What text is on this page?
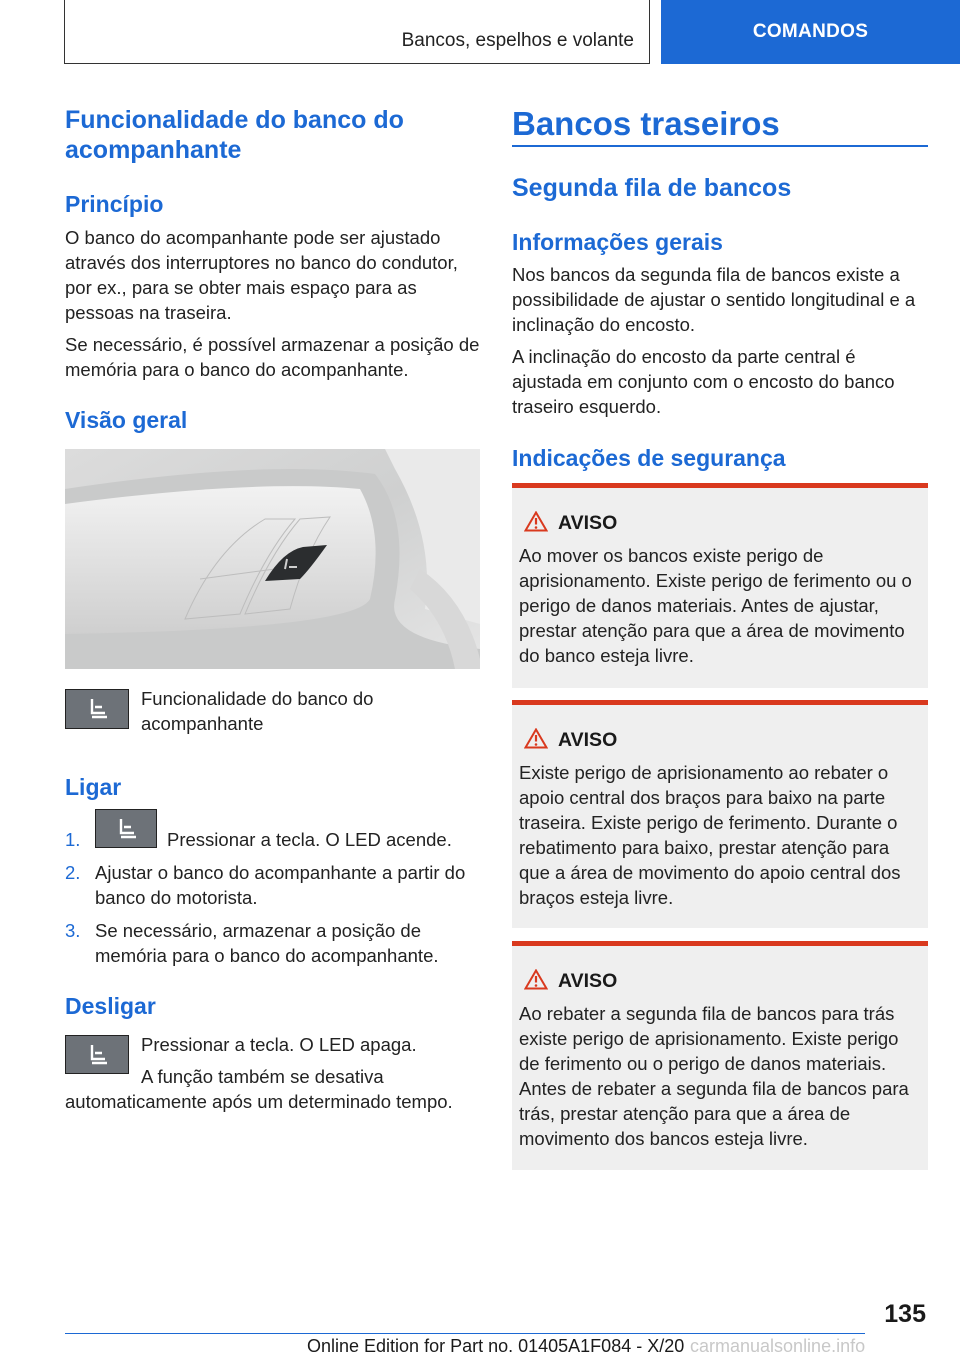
Bancos, espelhos e volante	COMANDOS
Funcionalidade do banco do acompanhante
Princípio
O banco do acompanhante pode ser ajustado através dos interruptores no banco do condutor, por ex., para se obter mais espaço para as pessoas na traseira.
Se necessário, é possível armazenar a posição de memória para o banco do acompanhante.
Visão geral
Funcionalidade do banco do acompanhante
Ligar
1.	Pressionar a tecla. O LED acende.
2. Ajustar o banco do acompanhante a partir do banco do motorista.
3. Se necessário, armazenar a posição de memória para o banco do acompanhante.
Desligar
Pressionar a tecla. O LED apaga.
A função também se desativa automaticamente após um determinado tempo.
Bancos traseiros
Segunda fila de bancos
Informações gerais
Nos bancos da segunda fila de bancos existe a possibilidade de ajustar o sentido longitudinal e a inclinação do encosto.
A inclinação do encosto da parte central é ajustada em conjunto com o encosto do banco traseiro esquerdo.
Indicações de segurança
AVISO
Ao mover os bancos existe perigo de aprisionamento. Existe perigo de ferimento ou o perigo de danos materiais. Antes de ajustar, prestar atenção para que a área de movimento do banco esteja livre.
AVISO
Existe perigo de aprisionamento ao rebater o apoio central dos braços para baixo na parte traseira. Existe perigo de ferimento. Durante o rebatimento para baixo, prestar atenção para que a área de movimento do apoio central dos braços esteja livre.
AVISO
Ao rebater a segunda fila de bancos para trás existe perigo de aprisionamento. Existe perigo de ferimento ou o perigo de danos materiais. Antes de rebater a segunda fila de bancos para trás, prestar atenção para que a área de movimento dos bancos esteja livre.
135
Online Edition for Part no. 01405A1F084 - X/20 carmanualsonline.info
